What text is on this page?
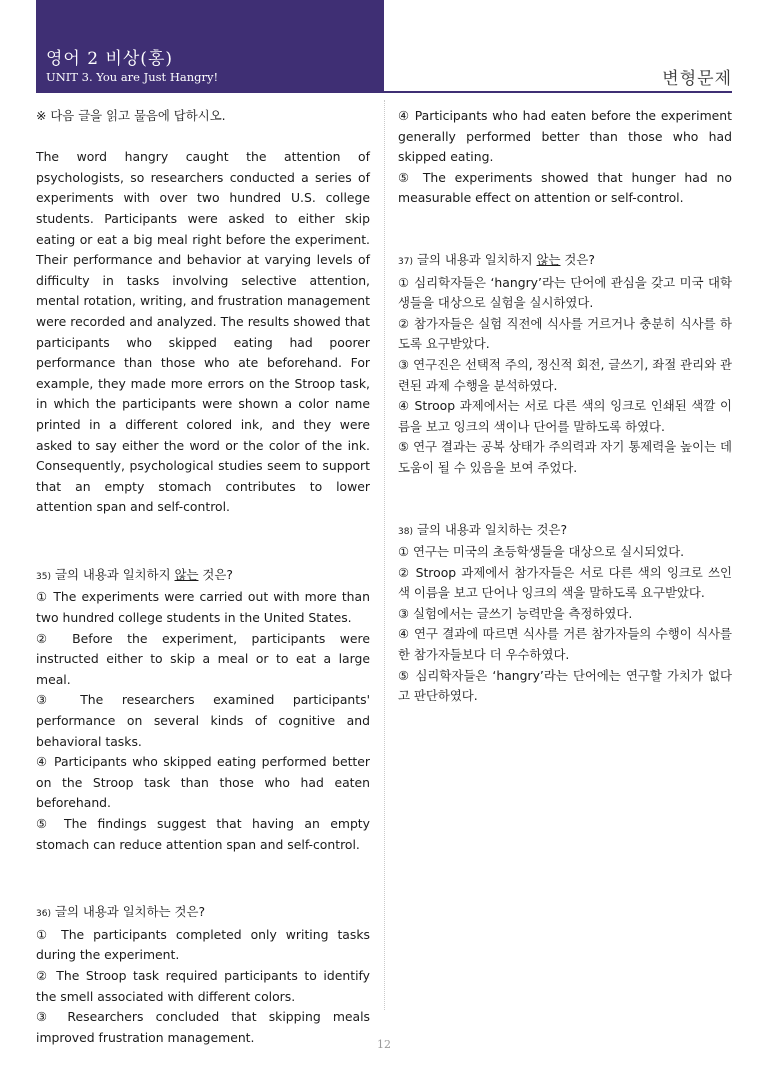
영어 2 비상(홍)
UNIT 3. You are Just Hangry!	변형문제

※ 다음 글을 읽고 물음에 답하시오.

The word hangry caught the attention of psychologists, so researchers conducted a series of experiments with over two hundred U.S. college students. Participants were asked to either skip eating or eat a big meal right before the experiment. Their performance and behavior at varying levels of difficulty in tasks involving selective attention, mental rotation, writing, and frustration management were recorded and analyzed. The results showed that participants who skipped eating had poorer performance than those who ate beforehand. For example, they made more errors on the Stroop task, in which the participants were shown a color name printed in a different colored ink, and they were asked to say either the word or the color of the ink. Consequently, psychological studies seem to support that an empty stomach contributes to lower attention span and self-control.

35) 글의 내용과 일치하지 않는 것은?

① The experiments were carried out with more than two hundred college students in the United States.

② Before the experiment, participants were instructed either to skip a meal or to eat a large meal.

③ The researchers examined participants' performance on several kinds of cognitive and behavioral tasks.

④ Participants who skipped eating performed better on the Stroop task than those who had eaten beforehand.

⑤ The findings suggest that having an empty stomach can reduce attention span and self-control.

36) 글의 내용과 일치하는 것은?

① The participants completed only writing tasks during the experiment.

② The Stroop task required participants to identify the smell associated with different colors.

③ Researchers concluded that skipping meals improved frustration management.

④ Participants who had eaten before the experiment generally performed better than those who had skipped eating.

⑤ The experiments showed that hunger had no measurable effect on attention or self-control.

37) 글의 내용과 일치하지 않는 것은?

① 심리학자들은 ‘hangry’라는 단어에 관심을 갖고 미국 대학생들을 대상으로 실험을 실시하였다.

② 참가자들은 실험 직전에 식사를 거르거나 충분히 식사를 하도록 요구받았다.

③ 연구진은 선택적 주의, 정신적 회전, 글쓰기, 좌절 관리와 관련된 과제 수행을 분석하였다.

④ Stroop 과제에서는 서로 다른 색의 잉크로 인쇄된 색깔 이름을 보고 잉크의 색이나 단어를 말하도록 하였다.

⑤ 연구 결과는 공복 상태가 주의력과 자기 통제력을 높이는 데 도움이 될 수 있음을 보여 주었다.

38) 글의 내용과 일치하는 것은?

① 연구는 미국의 초등학생들을 대상으로 실시되었다.

② Stroop 과제에서 참가자들은 서로 다른 색의 잉크로 쓰인 색 이름을 보고 단어나 잉크의 색을 말하도록 요구받았다.

③ 실험에서는 글쓰기 능력만을 측정하였다.

④ 연구 결과에 따르면 식사를 거른 참가자들의 수행이 식사를 한 참가자들보다 더 우수하였다.

⑤ 심리학자들은 ‘hangry’라는 단어에는 연구할 가치가 없다고 판단하였다.

12
